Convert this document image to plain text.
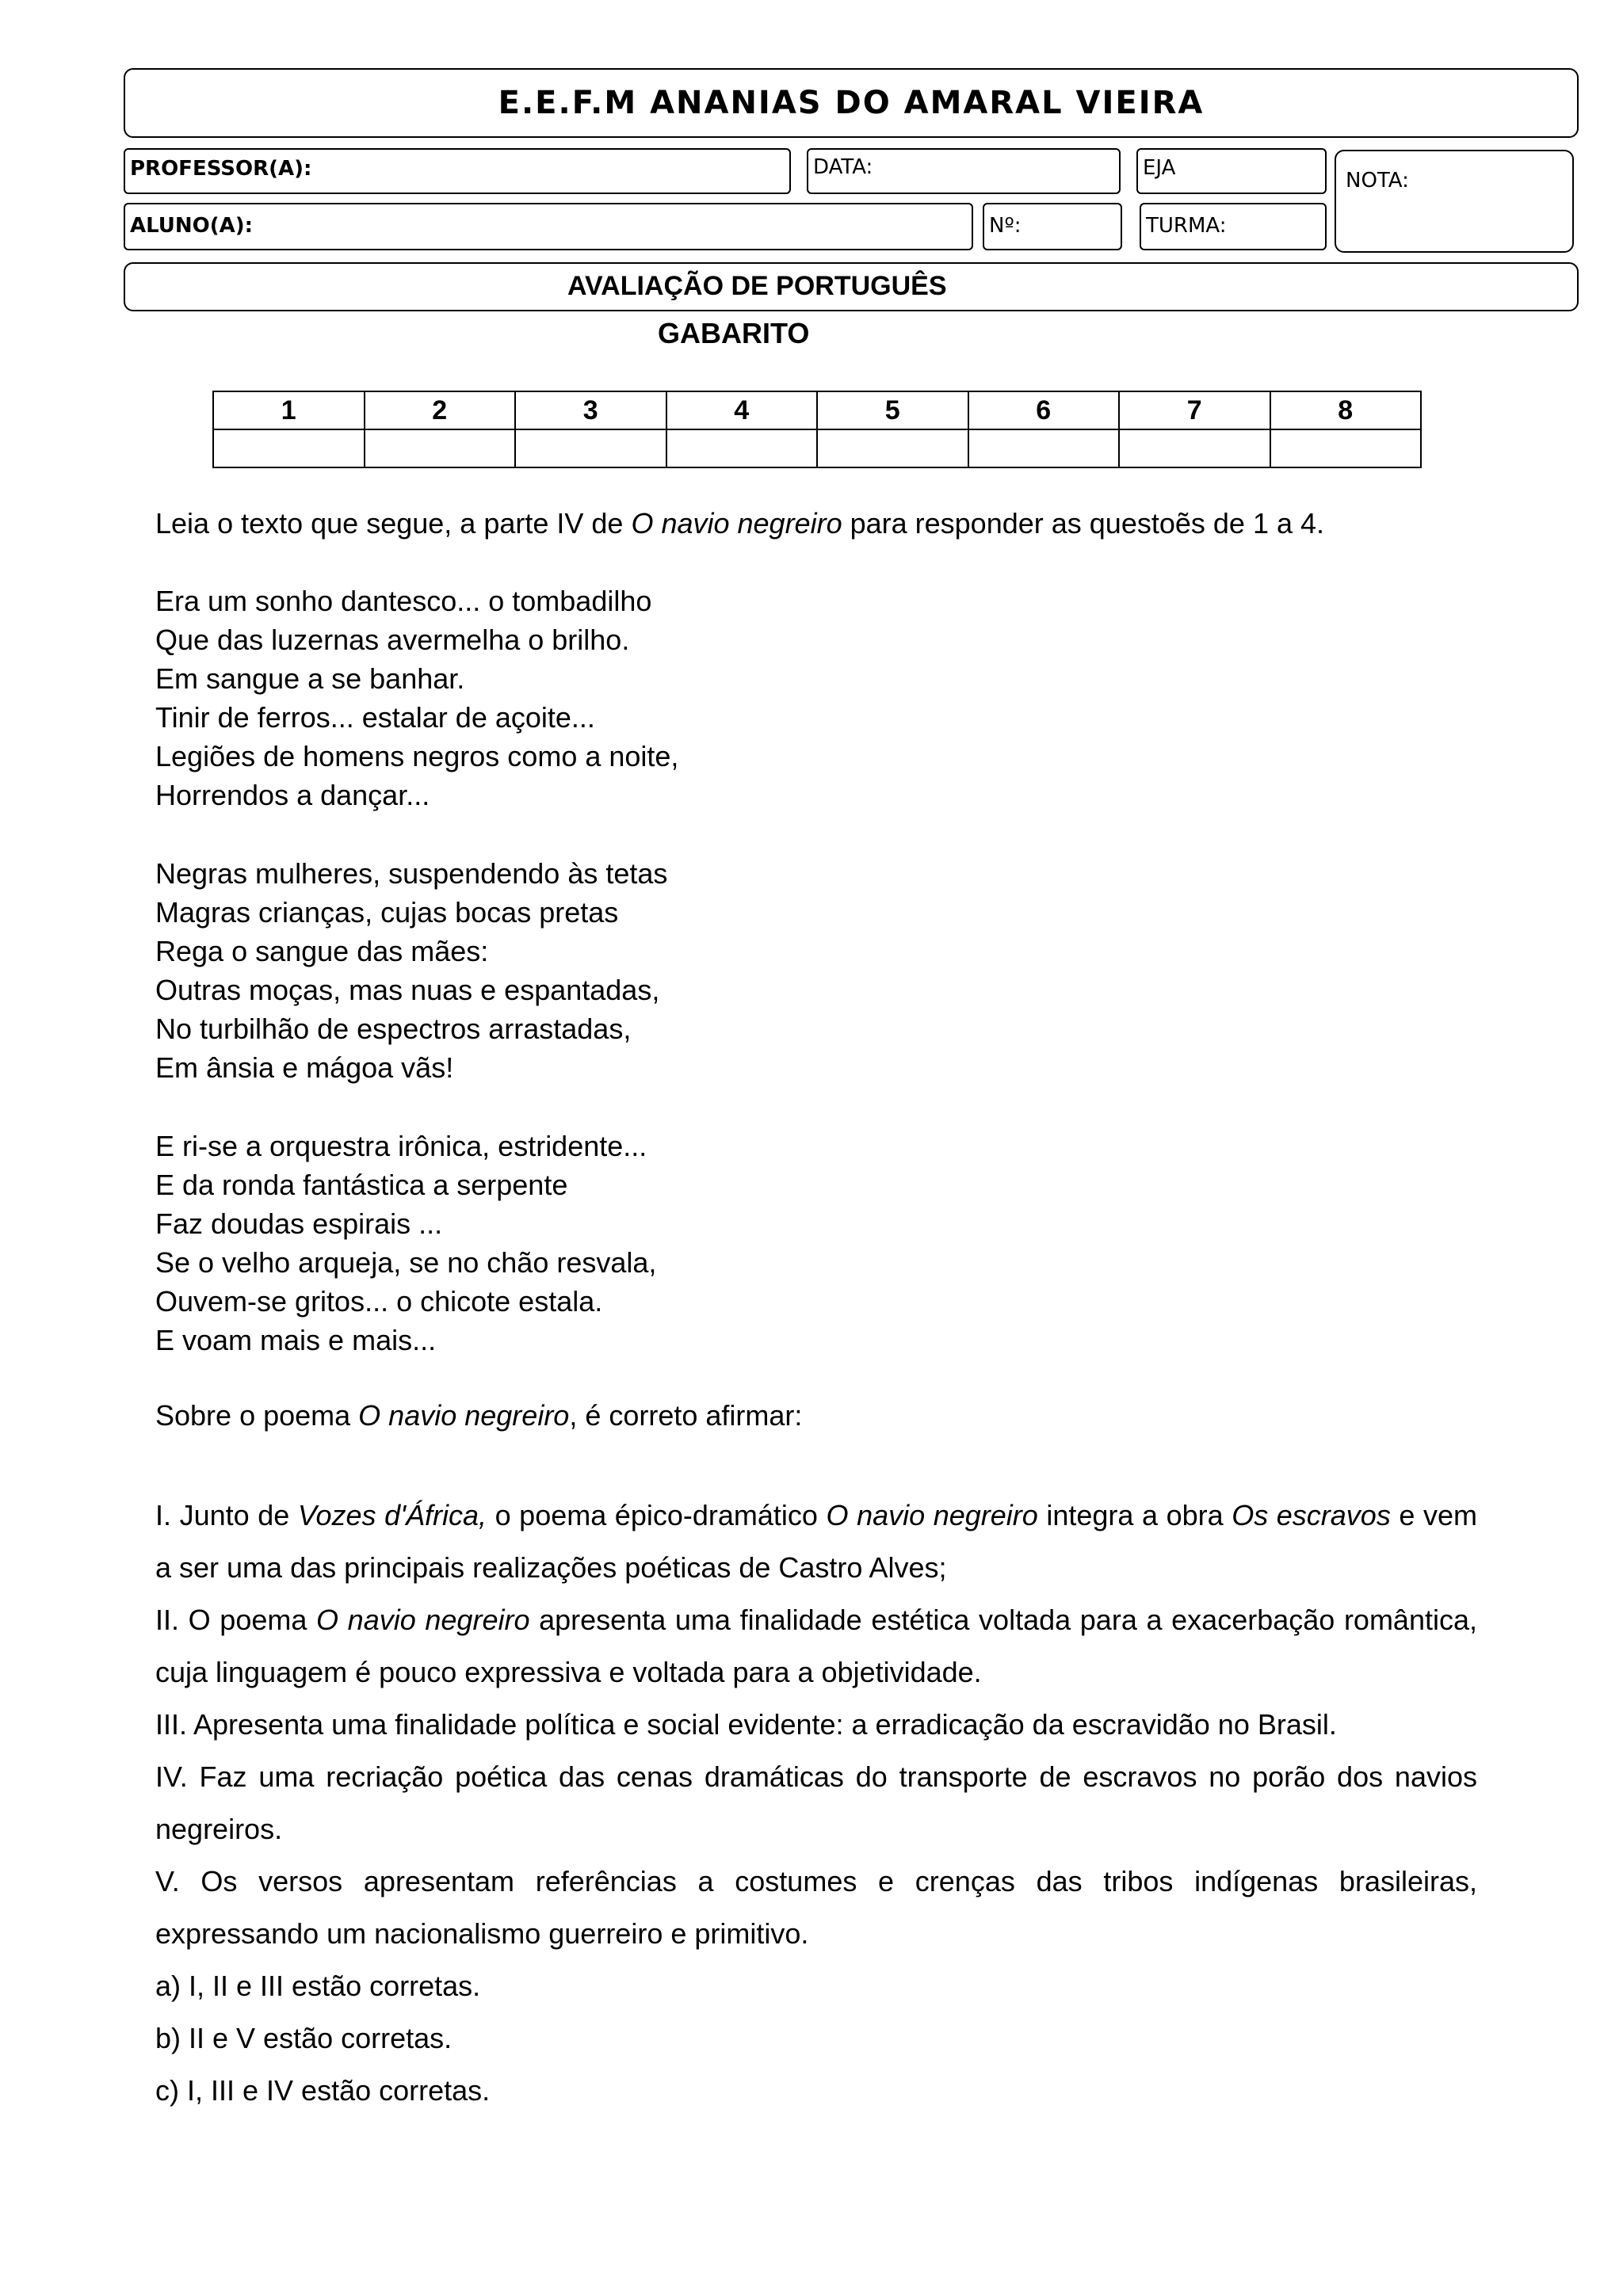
E.E.F.M ANANIAS DO AMARAL VIEIRA
PROFESSOR(A):	DATA:	EJA
NOTA:
ALUNO(A):	Nº:	TURMA:
AVALIAÇÃO DE PORTUGUÊS
GABARITO
1	2	3	4	5	6	7	8

Leia o texto que segue, a parte IV de O navio negreiro para responder as questoẽs de 1 a 4.
Era um sonho dantesco... o tombadilho
Que das luzernas avermelha o brilho.
Em sangue a se banhar.
Tinir de ferros... estalar de açoite...
Legiões de homens negros como a noite,
Horrendos a dançar...
Negras mulheres, suspendendo às tetas
Magras crianças, cujas bocas pretas
Rega o sangue das mães:
Outras moças, mas nuas e espantadas,
No turbilhão de espectros arrastadas,
Em ânsia e mágoa vãs!
E ri-se a orquestra irônica, estridente...
E da ronda fantástica a serpente
Faz doudas espirais ...
Se o velho arqueja, se no chão resvala,
Ouvem-se gritos... o chicote estala.
E voam mais e mais...
Sobre o poema O navio negreiro, é correto afirmar:
I. Junto de Vozes d'África, o poema épico-dramático O navio negreiro integra a obra Os escravos e vem a ser uma das principais realizações poéticas de Castro Alves;
II. O poema O navio negreiro apresenta uma finalidade estética voltada para a exacerbação romântica, cuja linguagem é pouco expressiva e voltada para a objetividade.
III. Apresenta uma finalidade política e social evidente: a erradicação da escravidão no Brasil.
IV. Faz uma recriação poética das cenas dramáticas do transporte de escravos no porão dos navios negreiros.
V. Os versos apresentam referências a costumes e crenças das tribos indígenas brasileiras, expressando um nacionalismo guerreiro e primitivo.
a) I, II e III estão corretas.
b) II e V estão corretas.
c) I, III e IV estão corretas.
